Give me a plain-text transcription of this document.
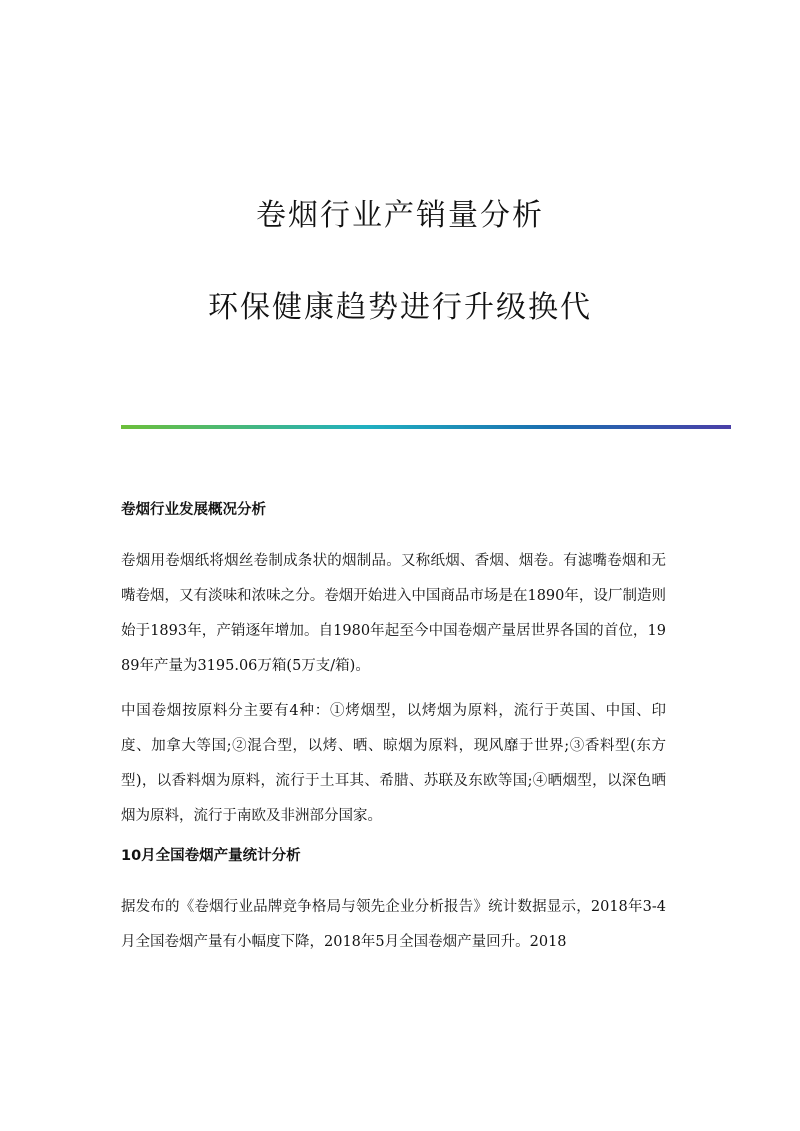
卷烟行业产销量分析
环保健康趋势进行升级换代
卷烟行业发展概况分析

卷烟用卷烟纸将烟丝卷制成条状的烟制品。又称纸烟、香烟、烟卷。有滤嘴卷烟和无嘴卷烟，又有淡味和浓味之分。卷烟开始进入中国商品市场是在1890年，设厂制造则始于1893年，产销逐年增加。自1980年起至今中国卷烟产量居世界各国的首位，1989年产量为3195.06万箱(5万支/箱)。

中国卷烟按原料分主要有4种：①烤烟型，以烤烟为原料，流行于英国、中国、印度、加拿大等国;②混合型，以烤、晒、晾烟为原料，现风靡于世界;③香料型(东方型)，以香料烟为原料，流行于土耳其、希腊、苏联及东欧等国;④晒烟型，以深色晒烟为原料，流行于南欧及非洲部分国家。

10月全国卷烟产量统计分析

据发布的《卷烟行业品牌竞争格局与领先企业分析报告》统计数据显示，2018年3-4月全国卷烟产量有小幅度下降，2018年5月全国卷烟产量回升。2018
